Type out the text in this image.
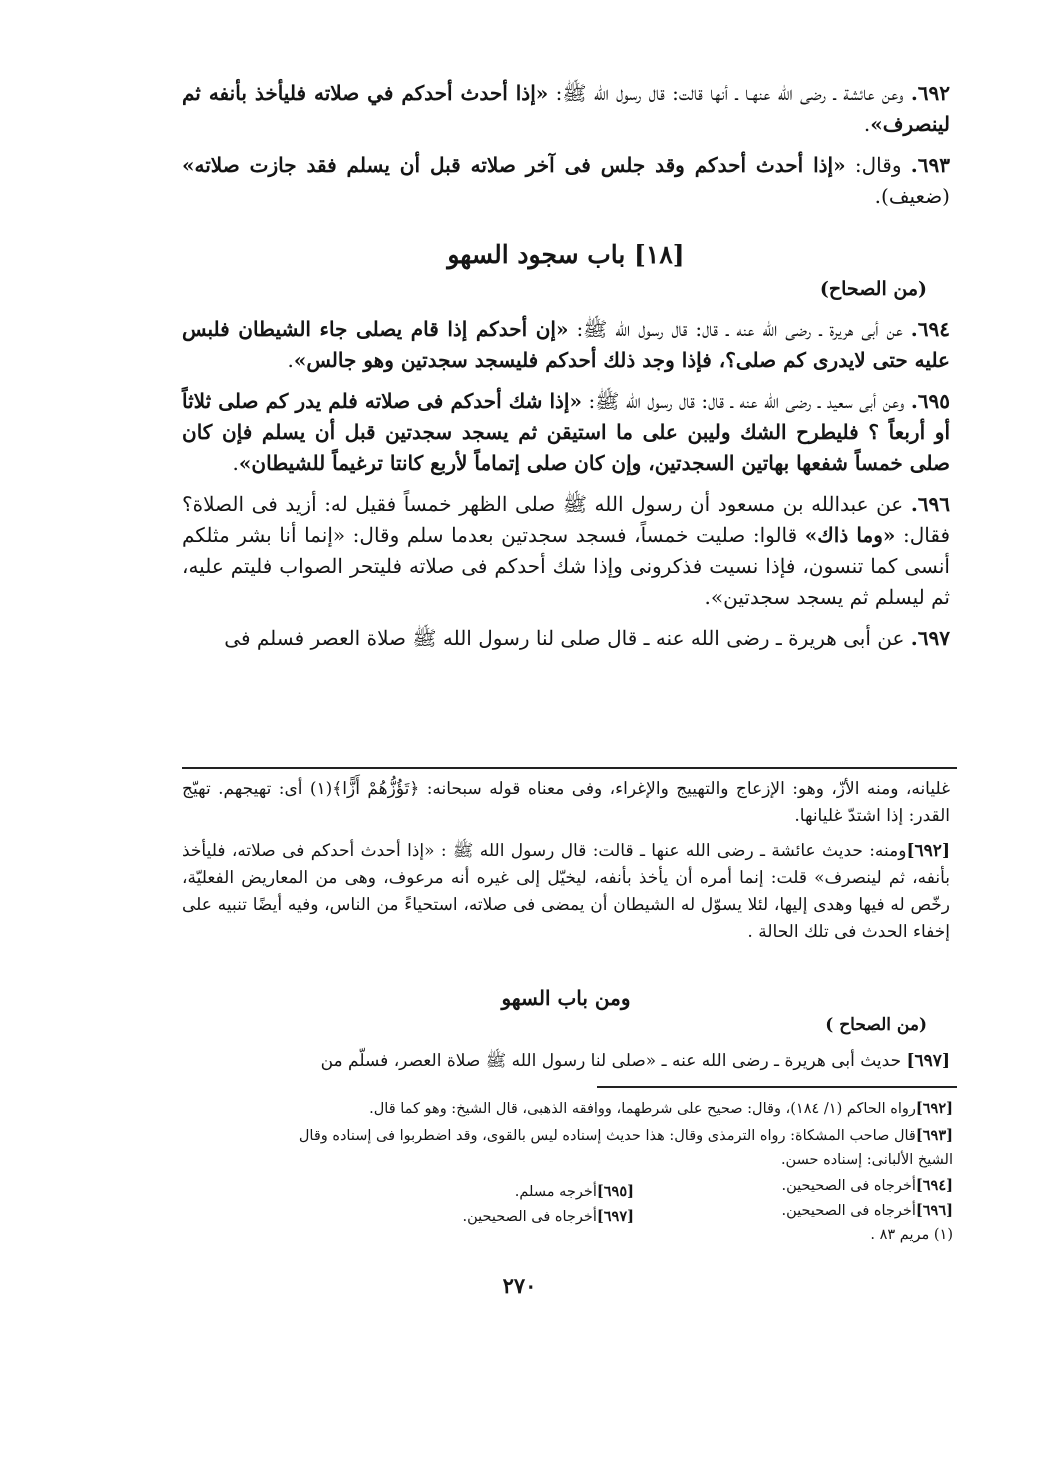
٦٩٢. وعن عائشة ـ رضى الله عنهـا ـ أنها قالت: قال رسول الله ﷺ: «إذا أحدث أحدكم في صلاته فليأخذ بأنفه ثم لينصرف».

٦٩٣. وقال: «إذا أحدث أحدكم وقد جلس فى آخر صلاته قبل أن يسلم فقد جازت صلاته» (ضعيف).

[١٨] باب سجود السهو

(من الصحاح)

٦٩٤. عن أبى هريرة ـ رضى الله عنه ـ قال: قال رسول الله ﷺ: «إن أحدكم إذا قام يصلى جاء الشيطان فلبس عليه حتى لايدرى كم صلى؟، فإذا وجد ذلك أحدكم فليسجد سجدتين وهو جالس».

٦٩٥. وعن أبى سعيد ـ رضى الله عنه ـ قال: قال رسول الله ﷺ: «إذا شك أحدكم فى صلاته فلم يدر كم صلى ثلاثاً أو أربعاً ؟ فليطرح الشك وليبن على ما استيقن ثم يسجد سجدتين قبل أن يسلم فإن كان صلى خمساً شفعها بهاتين السجدتين، وإن كان صلى إتماماً لأربع كانتا ترغيماً للشيطان».

٦٩٦. عن عبدالله بن مسعود أن رسول الله ﷺ صلى الظهر خمساً فقيل له: أزيد فى الصلاة؟ فقال: «وما ذاك» قالوا: صليت خمساً، فسجد سجدتين بعدما سلم وقال: «إنما أنا بشر مثلكم أنسى كما تنسون، فإذا نسيت فذكرونى وإذا شك أحدكم فى صلاته فليتحر الصواب فليتم عليه، ثم ليسلم ثم يسجد سجدتين».

٦٩٧. عن أبى هريرة ـ رضى الله عنه ـ قال صلى لنا رسول الله ﷺ صلاة العصر فسلم فى

غليانه، ومنه الأزّ، وهو: الإزعاج والتهييج والإغراء، وفى معناه قوله سبحانه: ﴿تَؤُزُّهُمْ أَزًّا﴾(١) أى: تهيجهم. تهيّج القدر: إذا اشتدّ غليانها.

[٦٩٢]ومنه: حديث عائشة ـ رضى الله عنها ـ قالت: قال رسول الله ﷺ : «إذا أحدث أحدكم فى صلاته، فليأخذ بأنفه، ثم لينصرف» قلت: إنما أمره أن يأخذ بأنفه، ليخيّل إلى غيره أنه مرعوف، وهى من المعاريض الفعليّة، رخّص له فيها وهدى إليها، لئلا يسوّل له الشيطان أن يمضى فى صلاته، استحياءً من الناس، وفيه أيضًا تنبيه على إخفاء الحدث فى تلك الحالة .

ومن باب السهو

(من الصحاح )

[٦٩٧] حديث أبى هريرة ـ رضى الله عنه ـ «صلى لنا رسول الله ﷺ صلاة العصر، فسلّم من

[٦٩٢]رواه الحاكم (١/ ١٨٤)، وقال: صحيح على شرطهما، ووافقه الذهبى، قال الشيخ: وهو كما قال.

[٦٩٣]قال صاحب المشكاة: رواه الترمذى وقال: هذا حديث إسناده ليس بالقوى، وقد اضطربوا فى إسناده وقال

الشيخ الألبانى: إسناده حسن.

[٦٩٤]أخرجاه فى الصحيحين.

[٦٩٥]أخرجه مسلم.

[٦٩٦]أخرجاه فى الصحيحين.

[٦٩٧]أخرجاه فى الصحيحين.

(١) مريم ٨٣ .

٢٧٠
